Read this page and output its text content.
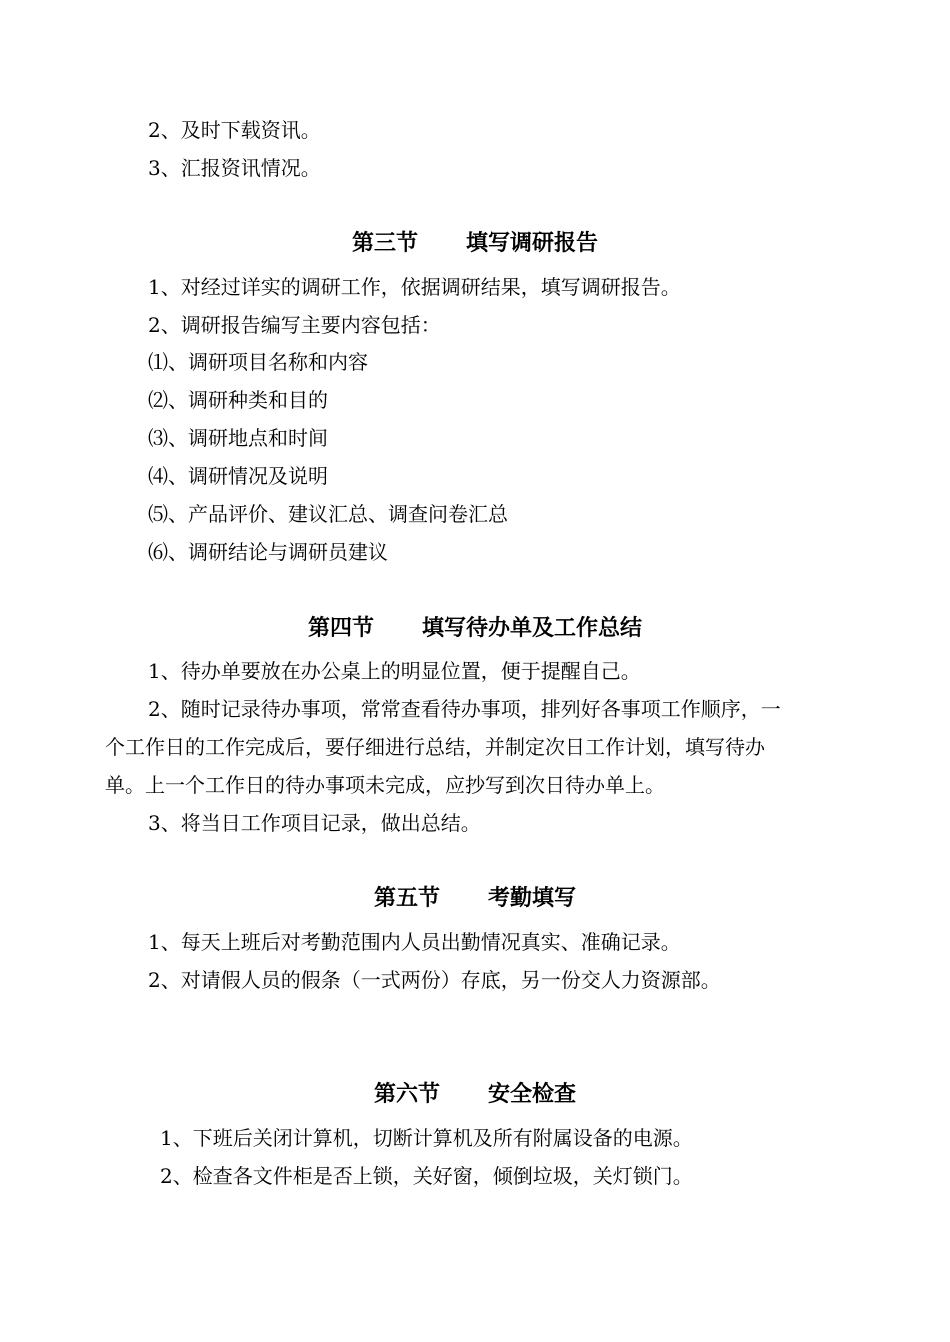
2、及时下载资讯。
3、汇报资讯情况。
第三节 填写调研报告
1、对经过详实的调研工作，依据调研结果，填写调研报告。
2、调研报告编写主要内容包括：
⑴、调研项目名称和内容
⑵、调研种类和目的
⑶、调研地点和时间
⑷、调研情况及说明
⑸、产品评价、建议汇总、调查问卷汇总
⑹、调研结论与调研员建议
第四节 填写待办单及工作总结
1、待办单要放在办公桌上的明显位置，便于提醒自己。
2、随时记录待办事项，常常查看待办事项，排列好各事项工作顺序，一
个工作日的工作完成后，要仔细进行总结，并制定次日工作计划，填写待办
单。上一个工作日的待办事项未完成，应抄写到次日待办单上。
3、将当日工作项目记录，做出总结。
第五节 考勤填写
1、每天上班后对考勤范围内人员出勤情况真实、准确记录。
2、对请假人员的假条（一式两份）存底，另一份交人力资源部。
第六节 安全检查
1、下班后关闭计算机，切断计算机及所有附属设备的电源。
2、检查各文件柜是否上锁，关好窗，倾倒垃圾，关灯锁门。
